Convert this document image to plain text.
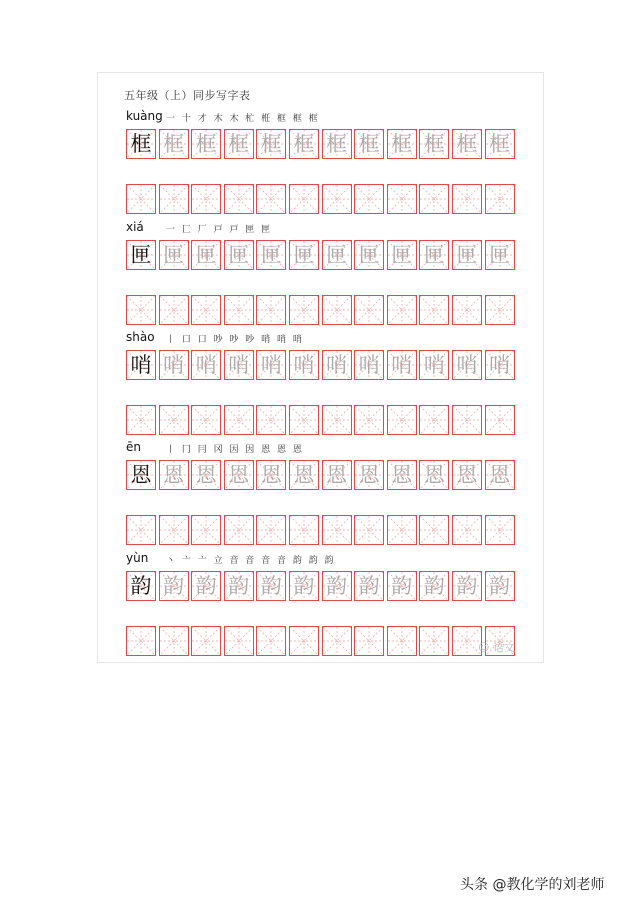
五年级（上）同步写字表
kuàng 一 十 才 木 木 杧 栣 框 框 框
框 框 框 框 框 框 框 框 框 框 框 框
xiá 一 匚 厂 戸 戸 匣 匣
匣 匣 匣 匣 匣 匣 匣 匣 匣 匣 匣 匣
shào 丨 口 口 吵 吵 吵 哨 哨 哨
哨 哨 哨 哨 哨 哨 哨 哨 哨 哨 哨 哨
ēn	丨 冂 冃 冈 因 因 恩 恩 恩
恩 恩 恩 恩 恩 恩 恩 恩 恩 恩 恩 恩
yùn 丶 亠 亠 立 音 音 音 音 韵 韵 韵
韵 韵 韵 韵 韵 韵 韵 韵 韵 韵 韵 韵
☺ 语文
头条 @教化学的刘老师
